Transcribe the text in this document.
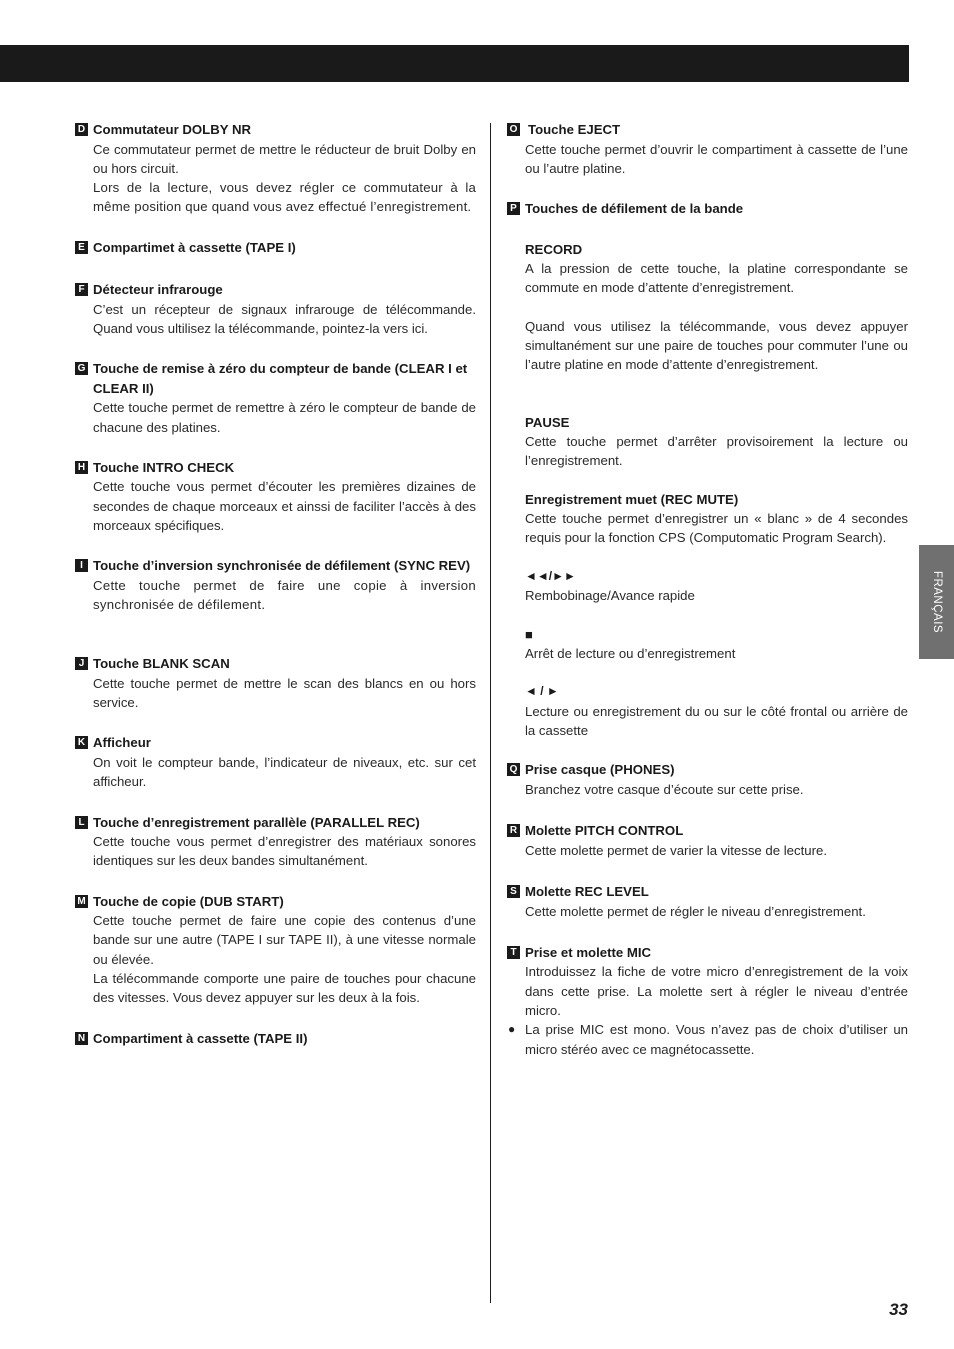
FRANÇAIS
D Commutateur DOLBY NR
Ce commutateur permet de mettre le réducteur de bruit Dolby en ou hors circuit.
Lors de la lecture, vous devez régler ce commutateur à la même position que quand vous avez effectué l’enregistrement.
E Compartimet à cassette (TAPE I)
F Détecteur infrarouge
C’est un récepteur de signaux infrarouge de télécommande. Quand vous ultilisez la télécommande, pointez-la vers ici.
G Touche de remise à zéro du compteur de bande (CLEAR I et CLEAR II)
Cette touche permet de remettre à zéro le compteur de bande de chacune des platines.
H Touche INTRO CHECK
Cette touche vous permet d’écouter les premières dizaines de secondes de chaque morceaux et ainssi de faciliter l’accès à des morceaux spécifiques.
I Touche d’inversion synchronisée de défilement (SYNC REV)
Cette touche permet de faire une copie à inversion synchronisée de défilement.
J Touche BLANK SCAN
Cette touche permet de mettre le scan des blancs en ou hors service.
K Afficheur
On voit le compteur bande, l’indicateur de niveaux, etc. sur cet afficheur.
L Touche d’enregistrement parallèle (PARALLEL REC)
Cette touche vous permet d’enregistrer des matériaux sonores identiques sur les deux bandes simultanément.
M Touche de copie (DUB START)
Cette touche permet de faire une copie des contenus d’une bande sur une autre (TAPE I sur TAPE II), à une vitesse normale ou élevée.
La télécommande comporte une paire de touches pour chacune des vitesses. Vous devez appuyer sur les deux à la fois.
N Compartiment à cassette (TAPE II)
O Touche EJECT
Cette touche permet d’ouvrir le compartiment à cassette de l’une ou l’autre platine.
P Touches de défilement de la bande
RECORD
A la pression de cette touche, la platine correspondante se commute en mode d’attente d’enregistrement.
Quand vous utilisez la télécommande, vous devez appuyer simultanément sur une paire de touches pour commuter l’une ou l’autre platine en mode d’attente d’enregistrement.
PAUSE
Cette touche permet d’arrêter provisoirement la lecture ou l’enregistrement.
Enregistrement muet (REC MUTE)
Cette touche permet d’enregistrer un « blanc » de 4 secondes requis pour la fonction CPS (Computomatic Program Search).
◄◄/►►
Rembobinage/Avance rapide
■
Arrêt de lecture ou d’enregistrement
◄ / ►
Lecture ou enregistrement du ou sur le côté frontal ou arrière de la cassette
Q Prise casque (PHONES)
Branchez votre casque d’écoute sur cette prise.
R Molette PITCH CONTROL
Cette molette permet de varier la vitesse de lecture.
S Molette REC LEVEL
Cette molette permet de régler le niveau d’enregistrement.
T Prise et molette MIC
Introduissez la fiche de votre micro d’enregistrement de la voix dans cette prise. La molette sert à régler le niveau d’entrée micro.
● La prise MIC est mono. Vous n’avez pas de choix d’utiliser un micro stéréo avec ce magnétocassette.
33
